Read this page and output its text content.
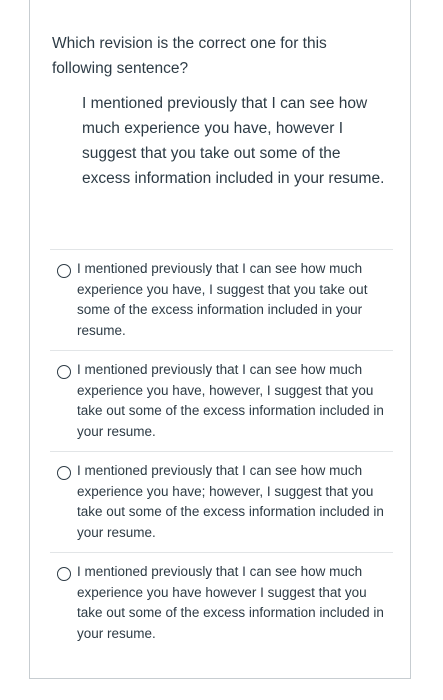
Which revision is the correct one for this following sentence?
I mentioned previously that I can see how much experience you have, however I suggest that you take out some of the excess information included in your resume.
I mentioned previously that I can see how much experience you have, I suggest that you take out some of the excess information included in your resume.
I mentioned previously that I can see how much experience you have, however, I suggest that you take out some of the excess information included in your resume.
I mentioned previously that I can see how much experience you have; however, I suggest that you take out some of the excess information included in your resume.
I mentioned previously that I can see how much experience you have however I suggest that you take out some of the excess information included in your resume.
